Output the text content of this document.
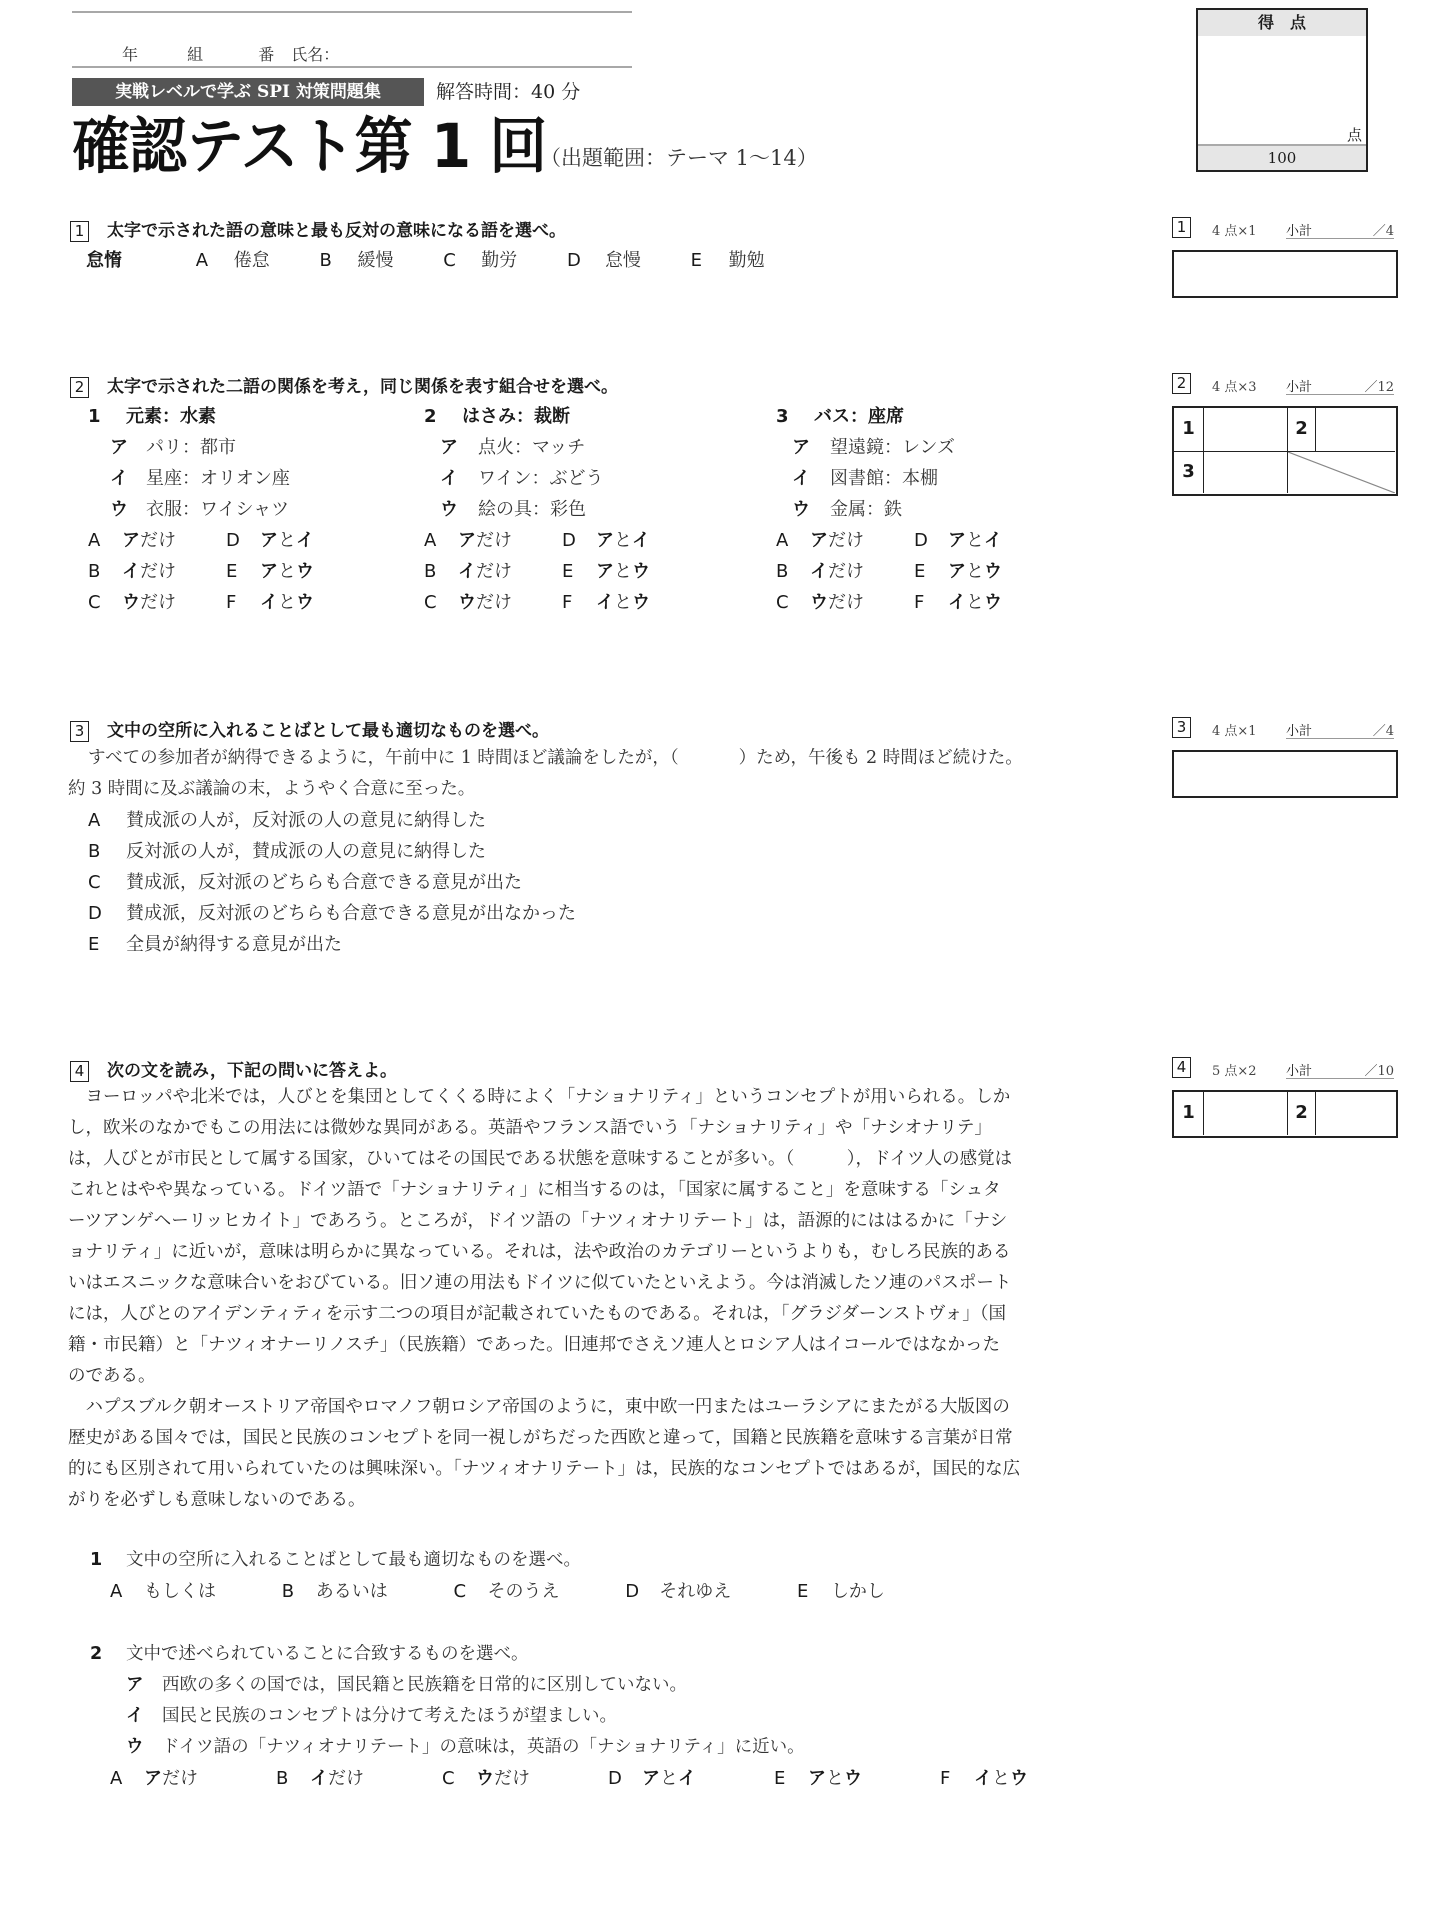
年	組	番 氏名：
実戦レベルで学ぶ SPI 対策問題集	解答時間：40 分
確認テスト第 1 回
（出題範囲：テーマ 1〜14）
得　点
点
100
1 太字で示された語の意味と最も反対の意味になる語を選べ。
怠惰	A 倦怠	B 緩慢	C 勤労	D 怠慢	E 勤勉
1	4 点×1 小計	／4
2 太字で示された二語の関係を考え，同じ関係を表す組合せを選べ。
1 元素：水素
ア パリ：都市
イ 星座：オリオン座
ウ 衣服：ワイシャツ
2 はさみ：裁断
ア 点火：マッチ
イ ワイン：ぶどう
ウ 絵の具：彩色
3 バス：座席
ア 望遠鏡：レンズ
イ 図書館：本棚
ウ 金属：鉄
A アだけ	D アとイ
B イだけ	E アとウ
C ウだけ	F イとウ
A アだけ	D アとイ
B イだけ	E アとウ
C ウだけ	F イとウ
A アだけ	D アとイ
B イだけ	E アとウ
C ウだけ	F イとウ
2	4 点×3 小計	／12
1	2
3
3 文中の空所に入れることばとして最も適切なものを選べ。
すべての参加者が納得できるように，午前中に 1 時間ほど議論をしたが，（	）ため，午後も 2 時間ほど続けた。
約 3 時間に及ぶ議論の末，ようやく合意に至った。
A 賛成派の人が，反対派の人の意見に納得した
B 反対派の人が，賛成派の人の意見に納得した
C 賛成派，反対派のどちらも合意できる意見が出た
D 賛成派，反対派のどちらも合意できる意見が出なかった
E 全員が納得する意見が出た
3	4 点×1 小計	／4
4 次の文を読み，下記の問いに答えよ。
　ヨーロッパや北米では，人びとを集団としてくくる時によく「ナショナリティ」というコンセプトが用いられる。しか
し，欧米のなかでもこの用法には微妙な異同がある。英語やフランス語でいう「ナショナリティ」や「ナシオナリテ」
は，人びとが市民として属する国家，ひいてはその国民である状態を意味することが多い。（　　　），ドイツ人の感覚は
これとはやや異なっている。ドイツ語で「ナショナリティ」に相当するのは，「国家に属すること」を意味する「シュタ
ーツアンゲヘーリッヒカイト」であろう。ところが，ドイツ語の「ナツィオナリテート」は，語源的にははるかに「ナシ
ョナリティ」に近いが，意味は明らかに異なっている。それは，法や政治のカテゴリーというよりも，むしろ民族的ある
いはエスニックな意味合いをおびている。旧ソ連の用法もドイツに似ていたといえよう。今は消滅したソ連のパスポート
には，人びとのアイデンティティを示す二つの項目が記載されていたものである。それは，「グラジダーンストヴォ」（国
籍・市民籍）と「ナツィオナーリノスチ」（民族籍）であった。旧連邦でさえソ連人とロシア人はイコールではなかった
のである。
　ハプスブルク朝オーストリア帝国やロマノフ朝ロシア帝国のように，東中欧一円またはユーラシアにまたがる大版図の
歴史がある国々では，国民と民族のコンセプトを同一視しがちだった西欧と違って，国籍と民族籍を意味する言葉が日常
的にも区別されて用いられていたのは興味深い。「ナツィオナリテート」は，民族的なコンセプトではあるが，国民的な広
がりを必ずしも意味しないのである。
1 文中の空所に入れることばとして最も適切なものを選べ。
A もしくは	B あるいは	C そのうえ	D それゆえ	E しかし
2 文中で述べられていることに合致するものを選べ。
ア 西欧の多くの国では，国民籍と民族籍を日常的に区別していない。
イ 国民と民族のコンセプトは分けて考えたほうが望ましい。
ウ ドイツ語の「ナツィオナリテート」の意味は，英語の「ナショナリティ」に近い。
A アだけ	B イだけ	C ウだけ	D アとイ	E アとウ	F イとウ
4	5 点×2 小計	／10
1	2
